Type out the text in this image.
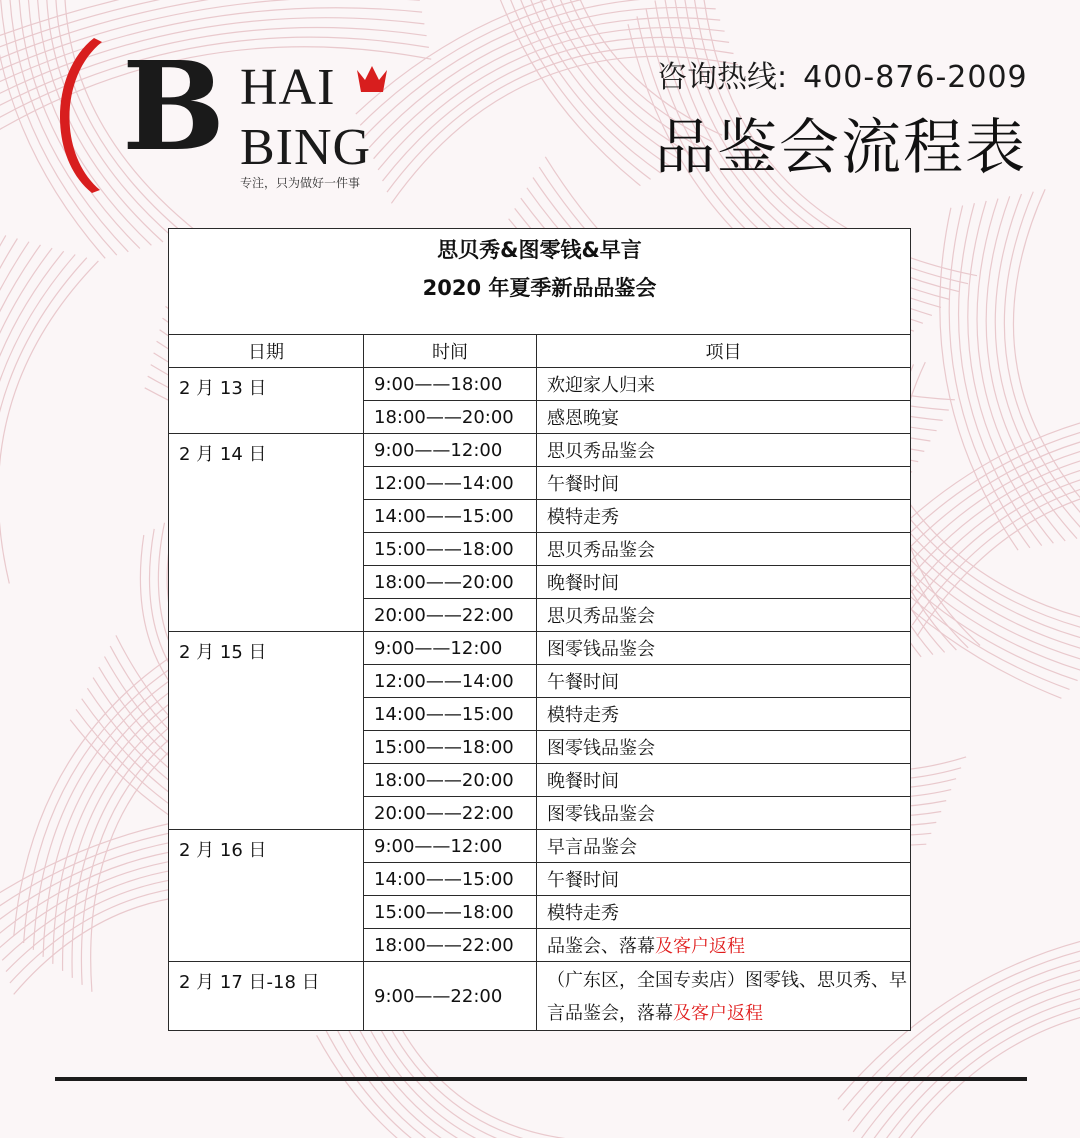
B HAI
BING
专注，只为做好一件事
咨询热线: 400-876-2009
品鉴会流程表
思贝秀&图零钱&早言
2020 年夏季新品品鉴会		

日期	时间	项目
2 月 13 日	9:00——18:00	欢迎家人归来
	18:00——20:00	感恩晚宴
2 月 14 日	9:00——12:00	思贝秀品鉴会
	12:00——14:00	午餐时间
	14:00——15:00	模特走秀
	15:00——18:00	思贝秀品鉴会
	18:00——20:00	晚餐时间
	20:00——22:00	思贝秀品鉴会
2 月 15 日	9:00——12:00	图零钱品鉴会
	12:00——14:00	午餐时间
	14:00——15:00	模特走秀
	15:00——18:00	图零钱品鉴会
	18:00——20:00	晚餐时间
	20:00——22:00	图零钱品鉴会
2 月 16 日	9:00——12:00	早言品鉴会
	14:00——15:00	午餐时间
	15:00——18:00	模特走秀
	18:00——22:00	品鉴会、落幕及客户返程
2 月 17 日-18 日	9:00——22:00	（广东区，全国专卖店）图零钱、思贝秀、早言品鉴会，落幕及客户返程
